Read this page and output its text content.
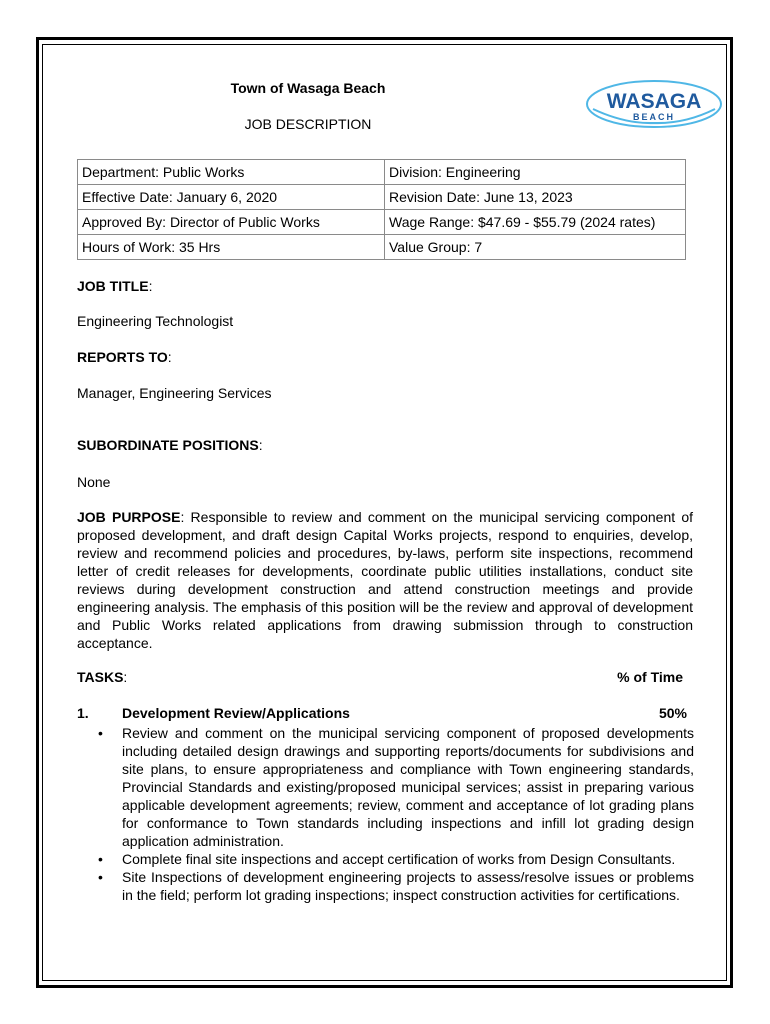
Town of Wasaga Beach
JOB DESCRIPTION
WASAGA
BEACH
Department: Public Works	Division: Engineering
Effective Date: January 6, 2020	Revision Date: June 13, 2023
Approved By: Director of Public Works	Wage Range: $47.69 - $55.79 (2024 rates)
Hours of Work: 35 Hrs	Value Group: 7
JOB TITLE:
Engineering Technologist
REPORTS TO:
Manager, Engineering Services
SUBORDINATE POSITIONS:
None
JOB PURPOSE: Responsible to review and comment on the municipal servicing component of proposed development, and draft design Capital Works projects, respond to enquiries, develop, review and recommend policies and procedures, by-laws, perform site inspections, recommend letter of credit releases for developments, coordinate public utilities installations, conduct site reviews during development construction and attend construction meetings and provide engineering analysis. The emphasis of this position will be the review and approval of development and Public Works related applications from drawing submission through to construction acceptance.
TASKS:	% of Time
1. Development Review/Applications	50%
• Review and comment on the municipal servicing component of proposed developments including detailed design drawings and supporting reports/documents for subdivisions and site plans, to ensure appropriateness and compliance with Town engineering standards, Provincial Standards and existing/proposed municipal services; assist in preparing various applicable development agreements; review, comment and acceptance of lot grading plans for conformance to Town standards including inspections and infill lot grading design application administration.
• Complete final site inspections and accept certification of works from Design Consultants.
• Site Inspections of development engineering projects to assess/resolve issues or problems in the field; perform lot grading inspections; inspect construction activities for certifications.
